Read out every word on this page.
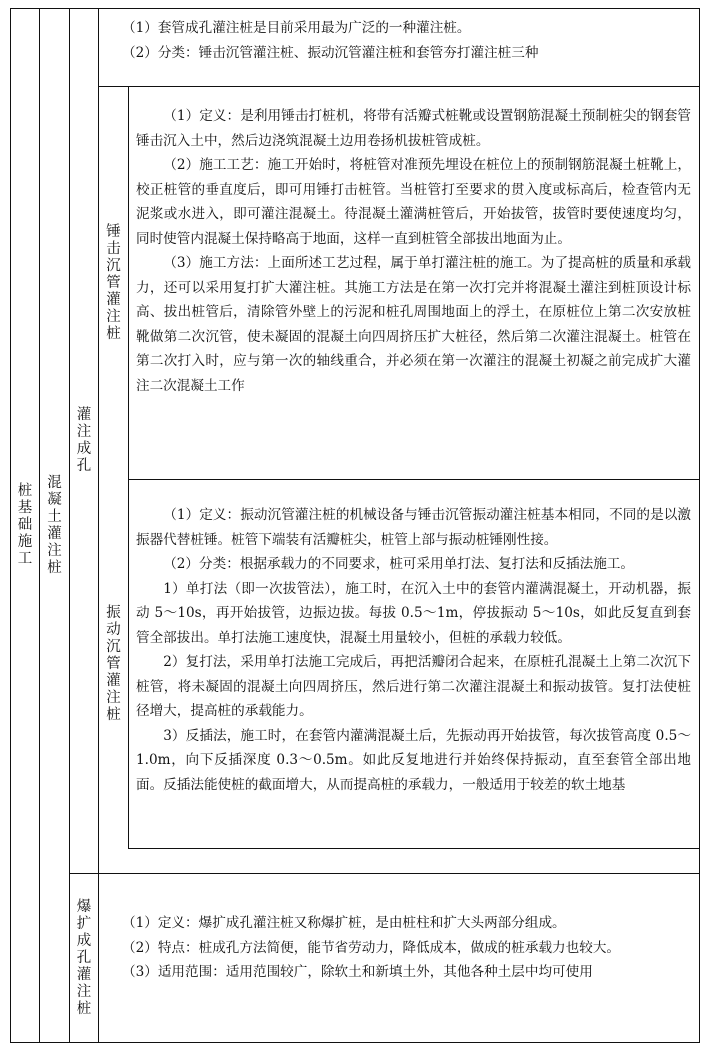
桩基础施工
混凝土灌注桩
灌注成孔
爆扩成孔灌注桩
锤击沉管灌注桩
振动沉管灌注桩

（1）套管成孔灌注桩是目前采用最为广泛的一种灌注桩。

（2）分类：锤击沉管灌注桩、振动沉管灌注桩和套管夯打灌注桩三种

（1）定义：是利用锤击打桩机，将带有活瓣式桩靴或设置钢筋混凝土预制桩尖的钢套管锤击沉入土中，然后边浇筑混凝土边用卷扬机拔桩管成桩。

（2）施工工艺：施工开始时，将桩管对准预先埋设在桩位上的预制钢筋混凝土桩靴上，校正桩管的垂直度后，即可用锤打击桩管。当桩管打至要求的贯入度或标高后，检查管内无泥浆或水进入，即可灌注混凝土。待混凝土灌满桩管后，开始拔管，拔管时要使速度均匀，同时使管内混凝土保持略高于地面，这样一直到桩管全部拔出地面为止。

（3）施工方法：上面所述工艺过程，属于单打灌注桩的施工。为了提高桩的质量和承载力，还可以采用复打扩大灌注桩。其施工方法是在第一次打完并将混凝土灌注到桩顶设计标高、拔出桩管后，清除管外壁上的污泥和桩孔周围地面上的浮土，在原桩位上第二次安放桩靴做第二次沉管，使未凝固的混凝土向四周挤压扩大桩径，然后第二次灌注混凝土。桩管在第二次打入时，应与第一次的轴线重合，并必须在第一次灌注的混凝土初凝之前完成扩大灌注二次混凝土工作

（1）定义：振动沉管灌注桩的机械设备与锤击沉管振动灌注桩基本相同，不同的是以激振器代替桩锤。桩管下端装有活瓣桩尖，桩管上部与振动桩锤刚性接。

（2）分类：根据承载力的不同要求，桩可采用单打法、复打法和反插法施工。

1）单打法（即一次拔管法），施工时，在沉入土中的套管内灌满混凝土，开动机器，振动 5～10s，再开始拔管，边振边拔。每拔 0.5～1m，停拔振动 5～10s，如此反复直到套管全部拔出。单打法施工速度快，混凝土用量较小，但桩的承载力较低。

2）复打法，采用单打法施工完成后，再把活瓣闭合起来，在原桩孔混凝土上第二次沉下桩管，将未凝固的混凝土向四周挤压，然后进行第二次灌注混凝土和振动拔管。复打法使桩径增大，提高桩的承载能力。

3）反插法，施工时，在套管内灌满混凝土后，先振动再开始拔管，每次拔管高度 0.5～1.0m，向下反插深度 0.3～0.5m。如此反复地进行并始终保持振动，直至套管全部出地面。反插法能使桩的截面增大，从而提高桩的承载力，一般适用于较差的软土地基

（1）定义：爆扩成孔灌注桩又称爆扩桩，是由桩柱和扩大头两部分组成。

（2）特点：桩成孔方法简便，能节省劳动力，降低成本，做成的桩承载力也较大。

（3）适用范围：适用范围较广，除软土和新填土外，其他各种土层中均可使用
